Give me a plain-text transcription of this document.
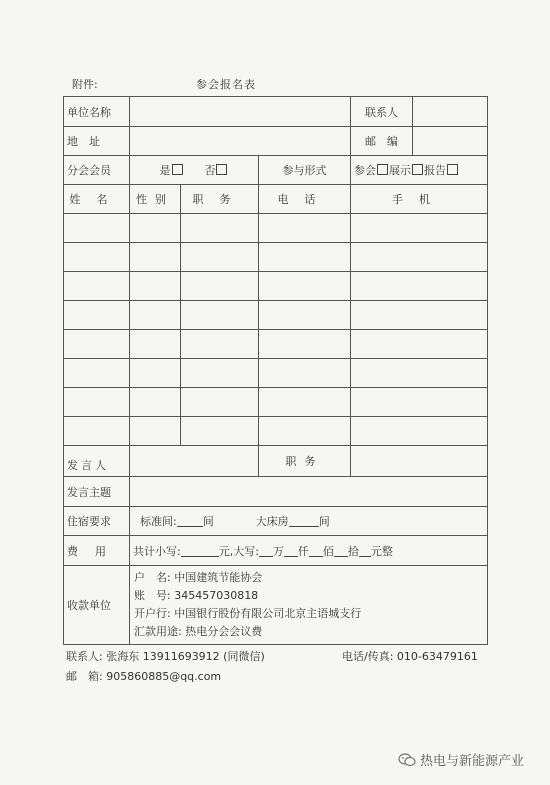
附件:	参会报名表
单位名称				联系人	
地　址				邮　编	
分会会员	是 否		参与形式	参会 展示 报告	
姓名	性别	职务	电话	手机	

发言人			职务		
发言主题					
住宿要求	标准间: 间 大床房 间				
费　用	共计小写: 元,大写: 万 仟 佰 拾 元整				
收款单位	户　名: 中国建筑节能协会
账　号: 345457030818
开户行: 中国银行股份有限公司北京主语城支行
汇款用途: 热电分会会议费				
联系人: 张海东 13911693912 (同微信)	电话/传真: 010-63479161
邮　箱: 905860885@qq.com
热电与新能源产业
